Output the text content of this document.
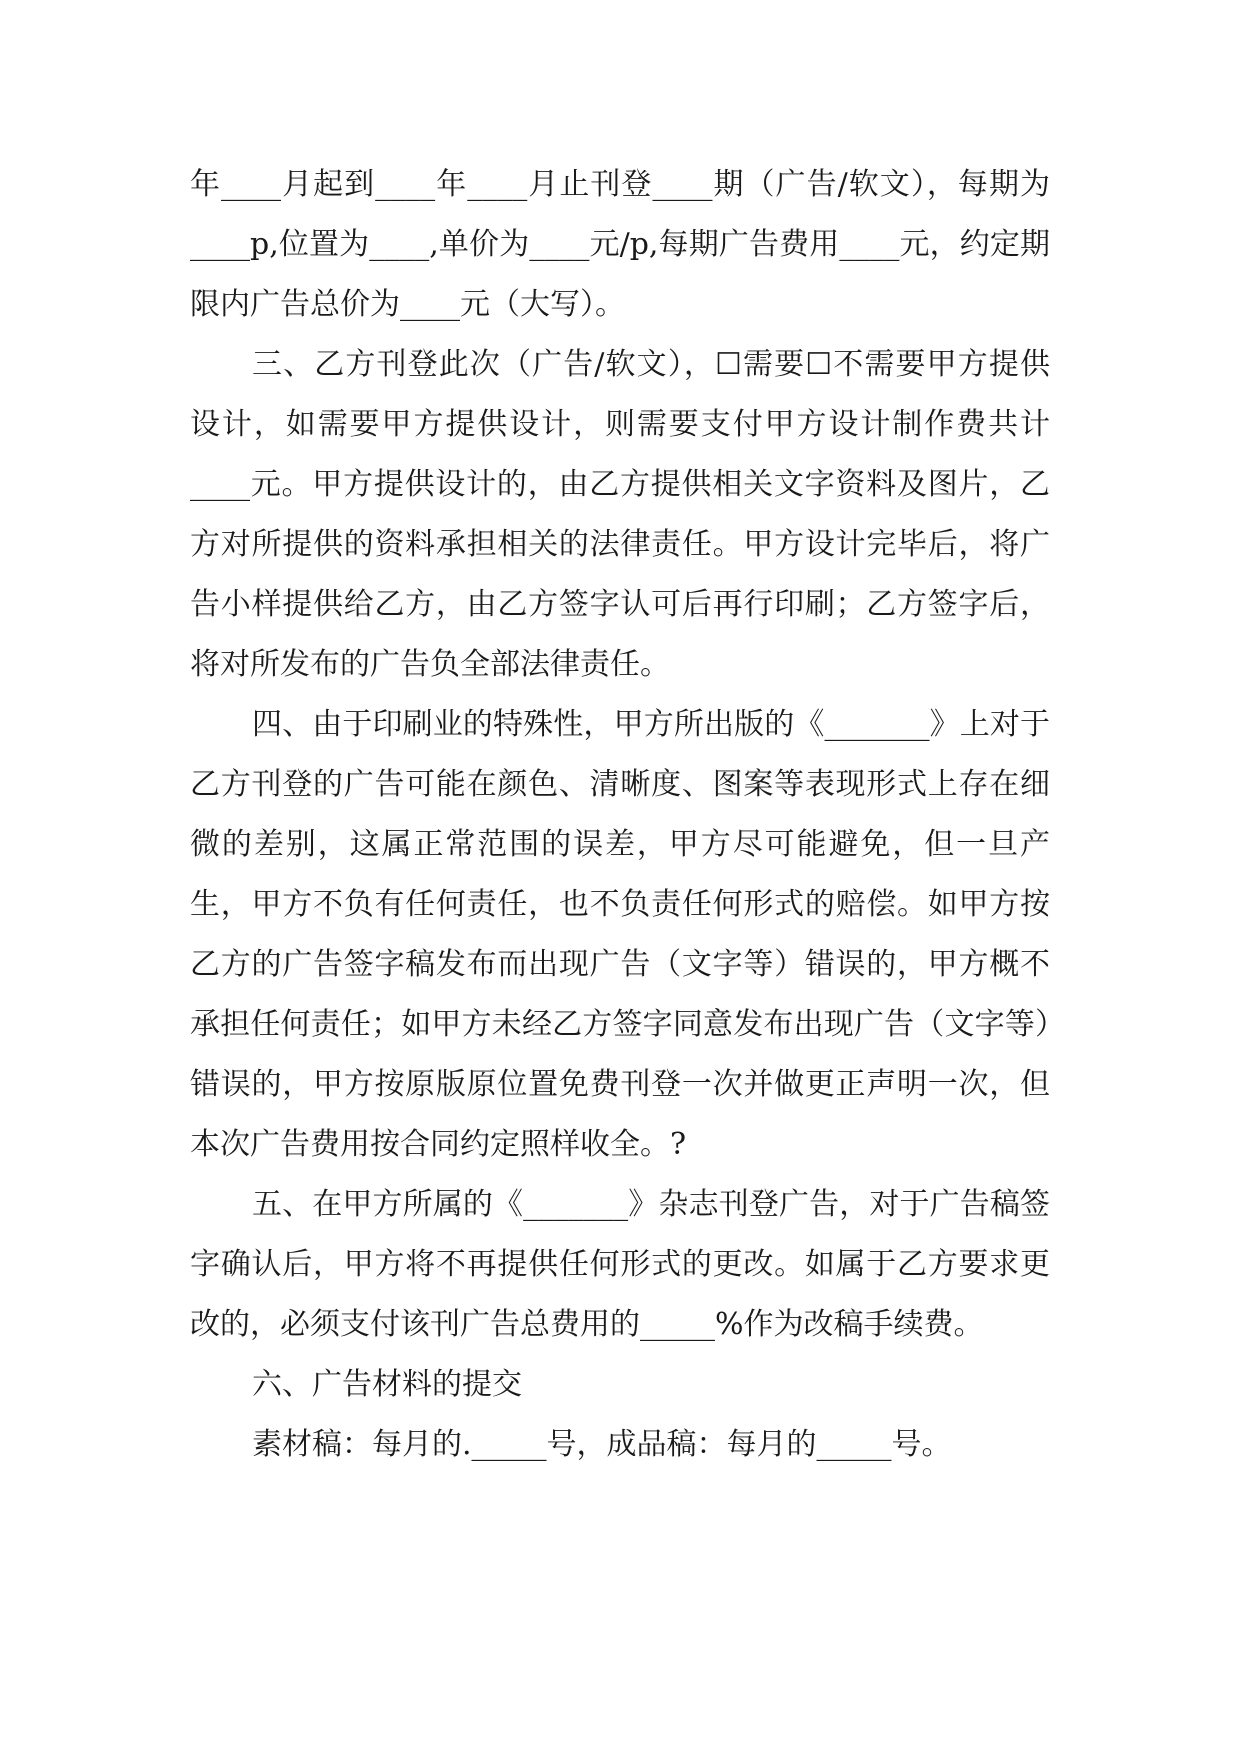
年____月起到____年____月止刊登____期（广告/软文），每期为____p,位置为____,单价为____元/p,每期广告费用____元，约定期限内广告总价为____元（大写）。

三、乙方刊登此次（广告/软文），☐需要☐不需要甲方提供设计，如需要甲方提供设计，则需要支付甲方设计制作费共计____元。甲方提供设计的，由乙方提供相关文字资料及图片，乙方对所提供的资料承担相关的法律责任。甲方设计完毕后，将广告小样提供给乙方，由乙方签字认可后再行印刷；乙方签字后，将对所发布的广告负全部法律责任。

四、由于印刷业的特殊性，甲方所出版的《_______》上对于乙方刊登的广告可能在颜色、清晰度、图案等表现形式上存在细微的差别，这属正常范围的误差，甲方尽可能避免，但一旦产生，甲方不负有任何责任，也不负责任何形式的赔偿。如甲方按乙方的广告签字稿发布而出现广告（文字等）错误的，甲方概不承担任何责任；如甲方未经乙方签字同意发布出现广告（文字等）错误的，甲方按原版原位置免费刊登一次并做更正声明一次，但本次广告费用按合同约定照样收全。?

五、在甲方所属的《_______》杂志刊登广告，对于广告稿签字确认后，甲方将不再提供任何形式的更改。如属于乙方要求更改的，必须支付该刊广告总费用的_____%作为改稿手续费。

六、广告材料的提交

素材稿：每月的._____号，成品稿：每月的_____号。
